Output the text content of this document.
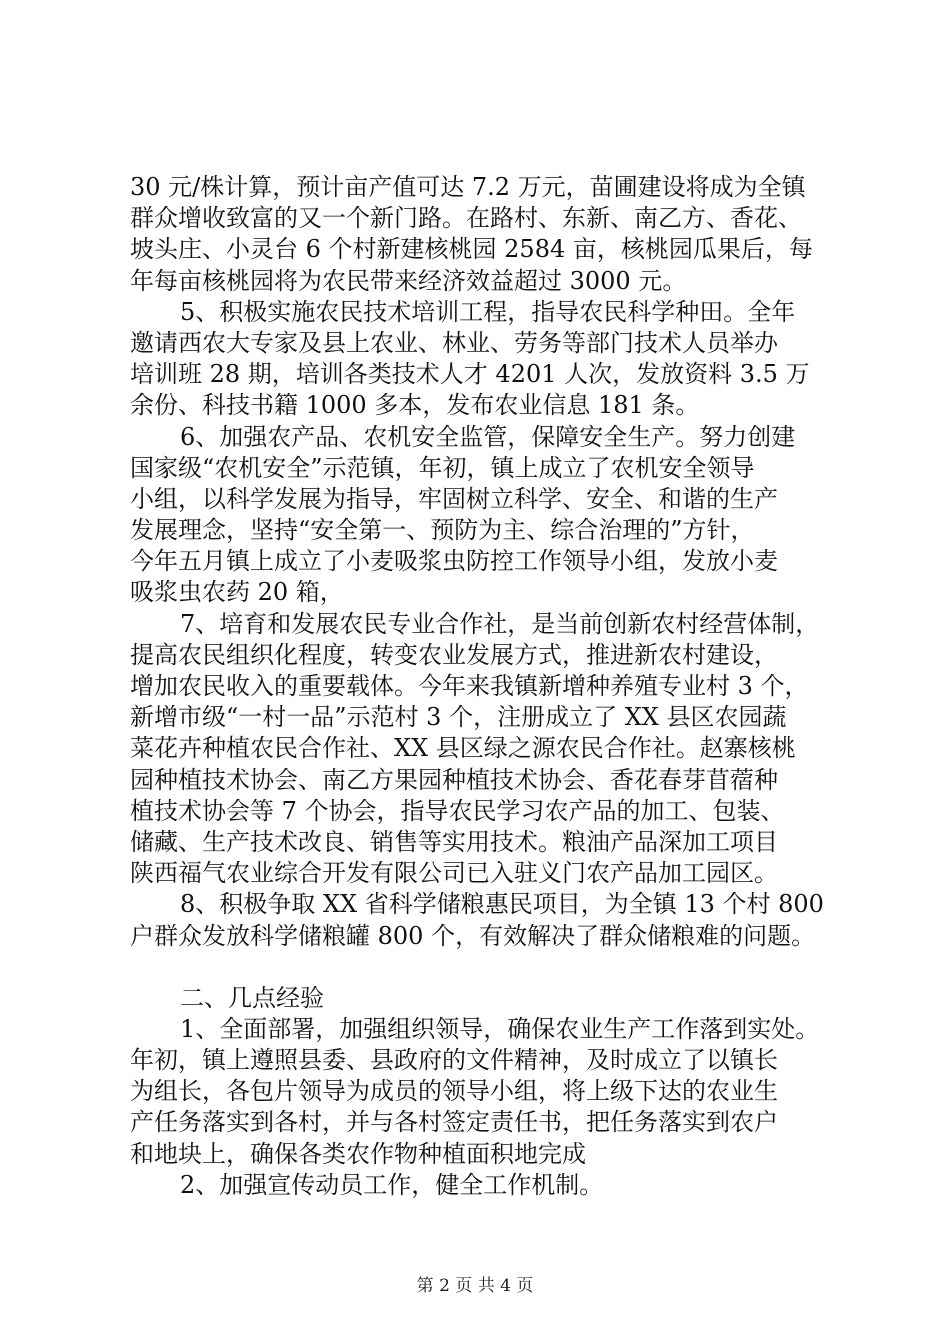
30 元/株计算，预计亩产值可达 7.2 万元，苗圃建设将成为全镇
群众增收致富的又一个新门路。在路村、东新、南乙方、香花、
坡头庄、小灵台 6 个村新建核桃园 2584 亩，核桃园瓜果后，每
年每亩核桃园将为农民带来经济效益超过 3000 元。
5、积极实施农民技术培训工程，指导农民科学种田。全年
邀请西农大专家及县上农业、林业、劳务等部门技术人员举办
培训班 28 期，培训各类技术人才 4201 人次，发放资料 3.5 万
余份、科技书籍 1000 多本，发布农业信息 181 条。
6、加强农产品、农机安全监管，保障安全生产。努力创建
国家级“农机安全”示范镇，年初，镇上成立了农机安全领导
小组，以科学发展为指导，牢固树立科学、安全、和谐的生产
发展理念，坚持“安全第一、预防为主、综合治理的”方针，
今年五月镇上成立了小麦吸浆虫防控工作领导小组，发放小麦
吸浆虫农药 20 箱，
7、培育和发展农民专业合作社，是当前创新农村经营体制，
提高农民组织化程度，转变农业发展方式，推进新农村建设，
增加农民收入的重要载体。今年来我镇新增种养殖专业村 3 个，
新增市级“一村一品”示范村 3 个，注册成立了 XX 县区农园蔬
菜花卉种植农民合作社、XX 县区绿之源农民合作社。赵寨核桃
园种植技术协会、南乙方果园种植技术协会、香花春芽苜蓿种
植技术协会等 7 个协会，指导农民学习农产品的加工、包装、
储藏、生产技术改良、销售等实用技术。粮油产品深加工项目
陕西福气农业综合开发有限公司已入驻义门农产品加工园区。
8、积极争取 XX 省科学储粮惠民项目，为全镇 13 个村 800
户群众发放科学储粮罐 800 个，有效解决了群众储粮难的问题。
二、几点经验
1、全面部署，加强组织领导，确保农业生产工作落到实处。
年初，镇上遵照县委、县政府的文件精神，及时成立了以镇长
为组长，各包片领导为成员的领导小组，将上级下达的农业生
产任务落实到各村，并与各村签定责任书，把任务落实到农户
和地块上，确保各类农作物种植面积地完成
2、加强宣传动员工作，健全工作机制。
第 2 页 共 4 页
